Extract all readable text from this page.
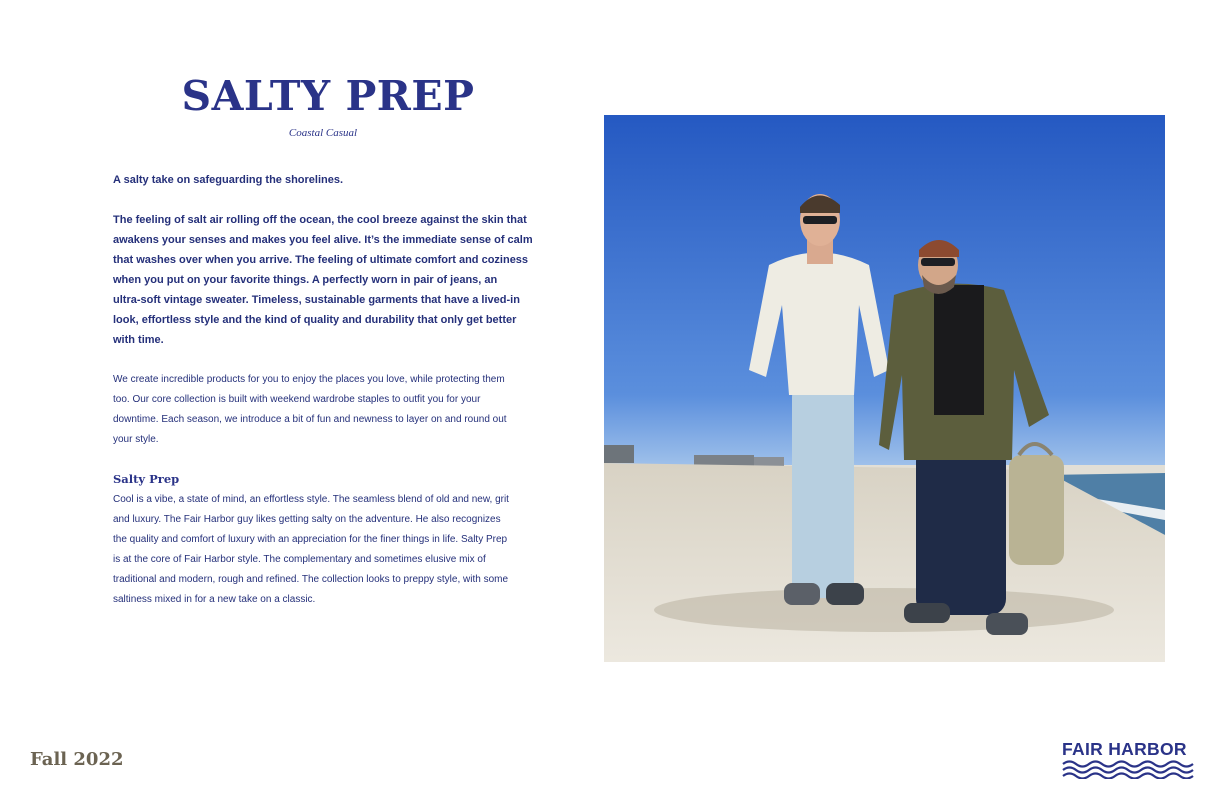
SALTY PREP
Coastal Casual

A salty take on safeguarding the shorelines.

The feeling of salt air rolling off the ocean, the cool breeze against the skin that
awakens your senses and makes you feel alive. It’s the immediate sense of calm
that washes over when you arrive. The feeling of ultimate comfort and coziness
when you put on your favorite things. A perfectly worn in pair of jeans, an
ultra-soft vintage sweater. Timeless, sustainable garments that have a lived-in
look, effortless style and the kind of quality and durability that only get better
with time.
We create incredible products for you to enjoy the places you love, while protecting them
too. Our core collection is built with weekend wardrobe staples to outfit you for your
downtime. Each season, we introduce a bit of fun and newness to layer on and round out
your style.
Salty Prep
Cool is a vibe, a state of mind, an effortless style. The seamless blend of old and new, grit
and luxury. The Fair Harbor guy likes getting salty on the adventure. He also recognizes
the quality and comfort of luxury with an appreciation for the finer things in life. Salty Prep
is at the core of Fair Harbor style. The complementary and sometimes elusive mix of
traditional and modern, rough and refined. The collection looks to preppy style, with some
saltiness mixed in for a new take on a classic.
Fall 2022	FAIR HARBOR
